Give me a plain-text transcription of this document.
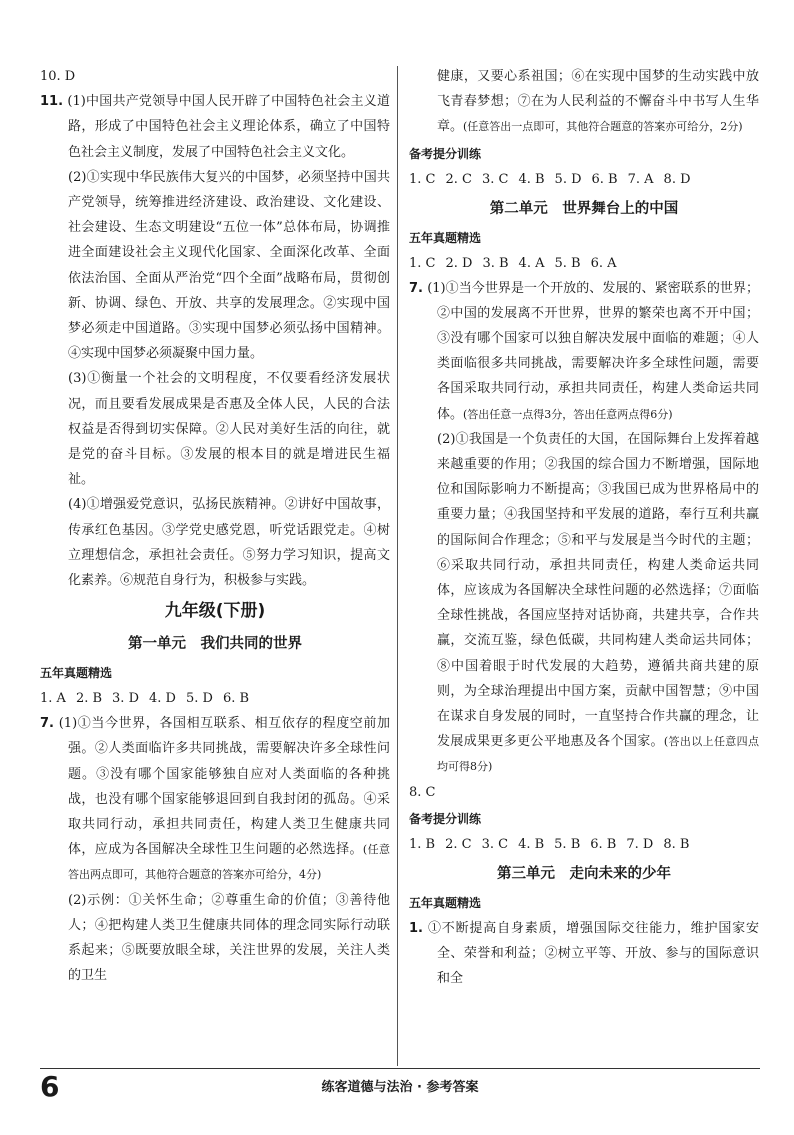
10. D

11. (1)中国共产党领导中国人民开辟了中国特色社会主义道路，形成了中国特色社会主义理论体系，确立了中国特色社会主义制度，发展了中国特色社会主义文化。

(2)①实现中华民族伟大复兴的中国梦，必须坚持中国共产党领导，统筹推进经济建设、政治建设、文化建设、社会建设、生态文明建设“五位一体”总体布局，协调推进全面建设社会主义现代化国家、全面深化改革、全面依法治国、全面从严治党“四个全面”战略布局，贯彻创新、协调、绿色、开放、共享的发展理念。②实现中国梦必须走中国道路。③实现中国梦必须弘扬中国精神。④实现中国梦必须凝聚中国力量。

(3)①衡量一个社会的文明程度，不仅要看经济发展状况，而且要看发展成果是否惠及全体人民，人民的合法权益是否得到切实保障。②人民对美好生活的向往，就是党的奋斗目标。③发展的根本目的就是增进民生福祉。

(4)①增强爱党意识，弘扬民族精神。②讲好中国故事，传承红色基因。③学党史感党恩，听党话跟党走。④树立理想信念，承担社会责任。⑤努力学习知识，提高文化素养。⑥规范自身行为，积极参与实践。

九年级(下册)
第一单元　我们共同的世界
五年真题精选
1. A 2. B 3. D 4. D 5. D 6. B

7. (1)①当今世界，各国相互联系、相互依存的程度空前加强。②人类面临许多共同挑战，需要解决许多全球性问题。③没有哪个国家能够独自应对人类面临的各种挑战，也没有哪个国家能够退回到自我封闭的孤岛。④采取共同行动，承担共同责任，构建人类卫生健康共同体，应成为各国解决全球性卫生问题的必然选择。(任意答出两点即可，其他符合题意的答案亦可给分，4分)

(2)示例：①关怀生命；②尊重生命的价值；③善待他人；④把构建人类卫生健康共同体的理念同实际行动联系起来；⑤既要放眼全球，关注世界的发展，关注人类的卫生

健康，又要心系祖国；⑥在实现中国梦的生动实践中放飞青春梦想；⑦在为人民利益的不懈奋斗中书写人生华章。(任意答出一点即可，其他符合题意的答案亦可给分，2分)

备考提分训练
1. C 2. C 3. C 4. B 5. D 6. B 7. A 8. D
第二单元　世界舞台上的中国
五年真题精选
1. C 2. D 3. B 4. A 5. B 6. A

7. (1)①当今世界是一个开放的、发展的、紧密联系的世界；②中国的发展离不开世界，世界的繁荣也离不开中国；③没有哪个国家可以独自解决发展中面临的难题；④人类面临很多共同挑战，需要解决许多全球性问题，需要各国采取共同行动，承担共同责任，构建人类命运共同体。(答出任意一点得3分，答出任意两点得6分)

(2)①我国是一个负责任的大国，在国际舞台上发挥着越来越重要的作用；②我国的综合国力不断增强，国际地位和国际影响力不断提高；③我国已成为世界格局中的重要力量；④我国坚持和平发展的道路，奉行互利共赢的国际间合作理念；⑤和平与发展是当今时代的主题；⑥采取共同行动，承担共同责任，构建人类命运共同体，应该成为各国解决全球性问题的必然选择；⑦面临全球性挑战，各国应坚持对话协商，共建共享，合作共赢，交流互鉴，绿色低碳，共同构建人类命运共同体；⑧中国着眼于时代发展的大趋势，遵循共商共建的原则，为全球治理提出中国方案，贡献中国智慧；⑨中国在谋求自身发展的同时，一直坚持合作共赢的理念，让发展成果更多更公平地惠及各个国家。(答出以上任意四点均可得8分)

8. C

备考提分训练
1. B 2. C 3. C 4. B 5. B 6. B 7. D 8. B
第三单元　走向未来的少年
五年真题精选

1. ①不断提高自身素质，增强国际交往能力，维护国家安全、荣誉和利益；②树立平等、开放、参与的国际意识和全

6	练客道德与法治 · 参考答案
